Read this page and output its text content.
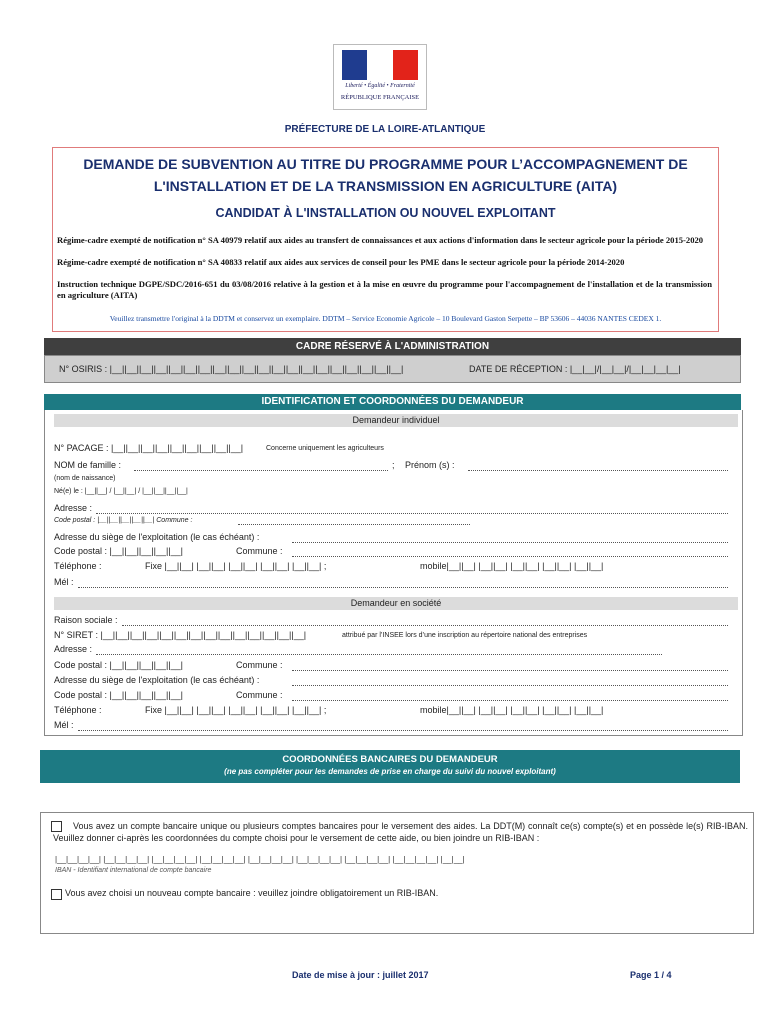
Liberté • Égalité • Fraternité
RÉPUBLIQUE FRANÇAISE
PRÉFECTURE DE LA LOIRE-ATLANTIQUE
DEMANDE DE SUBVENTION AU TITRE DU PROGRAMME POUR L’ACCOMPAGNEMENT DE
L'INSTALLATION ET DE LA TRANSMISSION EN AGRICULTURE (AITA)
CANDIDAT À L'INSTALLATION OU NOUVEL EXPLOITANT
Régime-cadre exempté de notification n° SA 40979 relatif aux aides au transfert de connaissances et aux actions d'information dans le secteur agricole pour la période 2015-2020
Régime-cadre exempté de notification n° SA 40833 relatif aux aides aux services de conseil pour les PME dans le secteur agricole pour la période 2014-2020
Instruction technique DGPE/SDC/2016-651 du 03/08/2016 relative à la gestion et à la mise en œuvre du programme pour l'accompagnement de l'installation et de la transmission en agriculture (AITA)
Veuillez transmettre l'original à la DDTM et conservez un exemplaire. DDTM – Service Economie Agricole – 10 Boulevard Gaston Serpette – BP 53606 – 44036 NANTES CEDEX 1.
CADRE RÉSERVÉ À L'ADMINISTRATION
N° OSIRIS : |__||__||__||__||__||__||__||__||__||__||__||__||__||__||__||__||__||__||__||__|	DATE DE RÉCEPTION : |__|__|/|__|__|/|__|__|__|__|
IDENTIFICATION ET COORDONNÉES DU DEMANDEUR
Demandeur individuel
N° PACAGE : |__||__||__||__||__||__||__||__||__|	Concerne uniquement les agriculteurs
NOM de famille :	; Prénom (s) :
(nom de naissance)
Né(e) le : |__||__| / |__||__| / |__||__||__||__|
Adresse :
Code postal : |__||__||__||__||__| Commune :
Adresse du siège de l'exploitation (le cas échéant) :
Code postal : |__||__||__||__||__|	Commune :
Téléphone :	Fixe |__||__| |__||__| |__||__| |__||__| |__||__| ;	mobile|__||__| |__||__| |__||__| |__||__| |__||__|
Mél :
Demandeur en société
Raison sociale :
N° SIRET : |__||__||__||__||__||__||__||__||__||__||__||__||__||__|	attribué par l’INSEE lors d’une inscription au répertoire national des entreprises
Adresse :
Code postal : |__||__||__||__||__|	Commune :
Adresse du siège de l'exploitation (le cas échéant) :
Code postal : |__||__||__||__||__|	Commune :
Téléphone :	Fixe |__||__| |__||__| |__||__| |__||__| |__||__| ;	mobile|__||__| |__||__| |__||__| |__||__| |__||__|
Mél :
COORDONNÉES BANCAIRES DU DEMANDEUR
(ne pas compléter pour les demandes de prise en charge du suivi du nouvel exploitant)
Vous avez un compte bancaire unique ou plusieurs comptes bancaires pour le versement des aides. La DDT(M) connaît ce(s) compte(s) et en possède le(s) RIB-IBAN. Veuillez donner ci-après les coordonnées du compte choisi pour le versement de cette aide, ou bien joindre un RIB-IBAN :
|__|__|__|__| |__|__|__|__| |__|__|__|__| |__|__|__|__| |__|__|__|__| |__|__|__|__| |__|__|__|__| |__|__|__|__| |__|__|
IBAN - Identifiant international de compte bancaire
Vous avez choisi un nouveau compte bancaire : veuillez joindre obligatoirement un RIB-IBAN.
Date de mise à jour : juillet 2017	Page 1 / 4
